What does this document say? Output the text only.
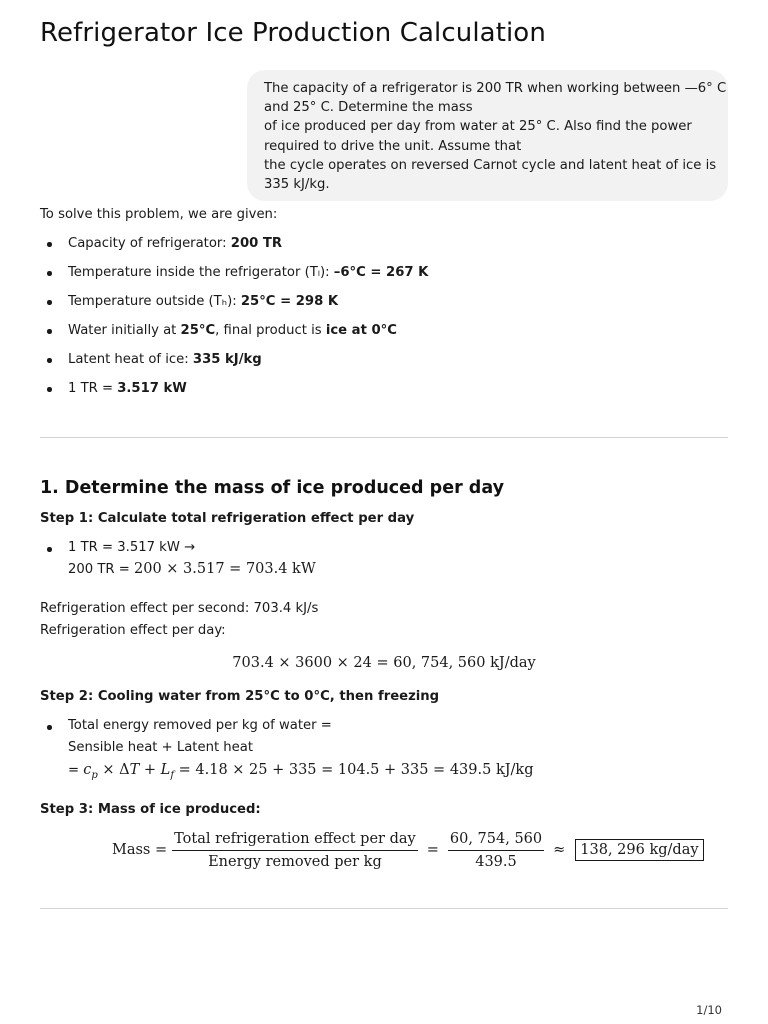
Refrigerator Ice Production Calculation
The capacity of a refrigerator is 200 TR when working between —6° C
and 25° C. Determine the mass
of ice produced per day from water at 25° C. Also find the power
required to drive the unit. Assume that
the cycle operates on reversed Carnot cycle and latent heat of ice is
335 kJ/kg.
To solve this problem, we are given:
Capacity of refrigerator: 200 TR
Temperature inside the refrigerator (Tₗ): –6°C = 267 K
Temperature outside (Tₕ): 25°C = 298 K
Water initially at 25°C, final product is ice at 0°C
Latent heat of ice: 335 kJ/kg
1 TR = 3.517 kW
1. Determine the mass of ice produced per day
Step 1: Calculate total refrigeration effect per day
1 TR = 3.517 kW →
200 TR = 200 × 3.517 = 703.4 kW
Refrigeration effect per second: 703.4 kJ/s
Refrigeration effect per day:
703.4 × 3600 × 24 = 60, 754, 560 kJ/day
Step 2: Cooling water from 25°C to 0°C, then freezing
Total energy removed per kg of water =
Sensible heat + Latent heat
= $c_p \times \Delta T + L_f = 4.18 \times 25 + 335 = 104.5 + 335 = 439.5$ kJ/kg
Step 3: Mass of ice produced:
Mass = $\frac{\text{Total refrigeration effect per day}}{\text{Energy removed per kg}} = \frac{60, 754, 560}{439.5}$ ≈	138, 296 kg/day
1/10
